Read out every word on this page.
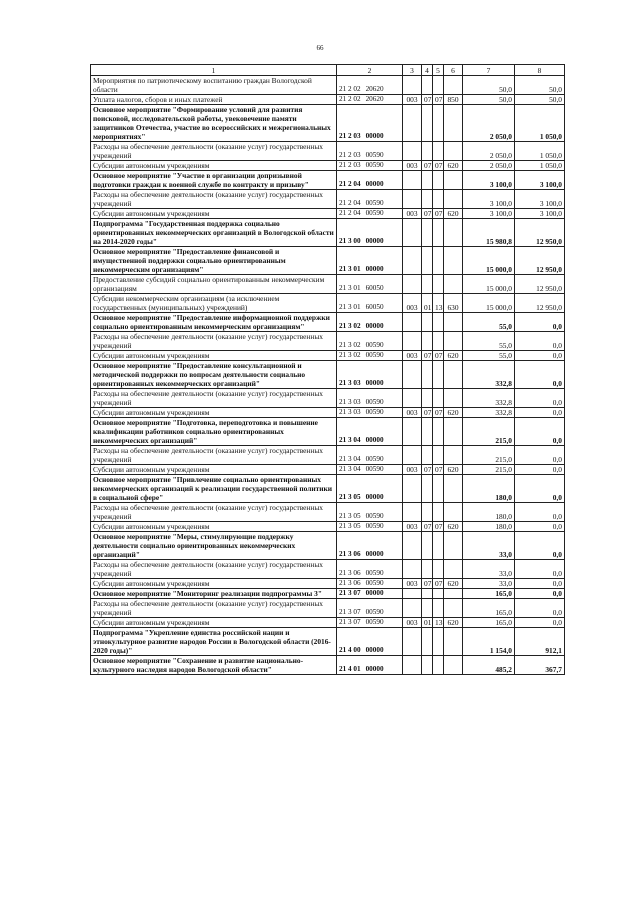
66
1	2	3	4	5	6	7	8
Мероприятия по патриотическому воспитанию граждан Вологодской области	21 2 02 20620					50,0	50,0
Уплата налогов, сборов и иных платежей	21 2 02 20620	003	07	07	850	50,0	50,0
Основное мероприятие "Формирование условий для развития поисковой, исследовательской работы, увековечение памяти защитников Отечества, участие во всероссийских и межрегиональных мероприятиях"	21 2 03 00000					2 050,0	1 050,0
Расходы на обеспечение деятельности (оказание услуг) государственных учреждений	21 2 03 00590					2 050,0	1 050,0
Субсидии автономным учреждениям	21 2 03 00590	003	07	07	620	2 050,0	1 050,0
Основное мероприятие "Участие в организации допризывной подготовки граждан к военной службе по контракту и призыву"	21 2 04 00000					3 100,0	3 100,0
Расходы на обеспечение деятельности (оказание услуг) государственных учреждений	21 2 04 00590					3 100,0	3 100,0
Субсидии автономным учреждениям	21 2 04 00590	003	07	07	620	3 100,0	3 100,0
Подпрограмма "Государственная поддержка социально ориентированных некоммерческих организаций в Вологодской области на 2014-2020 годы"	21 3 00 00000					15 980,8	12 950,0
Основное мероприятие "Предоставление финансовой и имущественной поддержки социально ориентированным некоммерческим организациям"	21 3 01 00000					15 000,0	12 950,0
Предоставление субсидий социально ориентированным некоммерческим организациям	21 3 01 60050					15 000,0	12 950,0
Субсидии некоммерческим организациям (за исключением государственных (муниципальных) учреждений)	21 3 01 60050	003	01	13	630	15 000,0	12 950,0
Основное мероприятие "Предоставление информационной поддержки социально ориентированным некоммерческим организациям"	21 3 02 00000					55,0	0,0
Расходы на обеспечение деятельности (оказание услуг) государственных учреждений	21 3 02 00590					55,0	0,0
Субсидии автономным учреждениям	21 3 02 00590	003	07	07	620	55,0	0,0
Основное мероприятие "Предоставление консультационной и методической поддержки по вопросам деятельности социально ориентированных некоммерческих организаций"	21 3 03 00000					332,8	0,0
Расходы на обеспечение деятельности (оказание услуг) государственных учреждений	21 3 03 00590					332,8	0,0
Субсидии автономным учреждениям	21 3 03 00590	003	07	07	620	332,8	0,0
Основное мероприятие "Подготовка, переподготовка и повышение квалификации работников социально ориентированных некоммерческих организаций"	21 3 04 00000					215,0	0,0
Расходы на обеспечение деятельности (оказание услуг) государственных учреждений	21 3 04 00590					215,0	0,0
Субсидии автономным учреждениям	21 3 04 00590	003	07	07	620	215,0	0,0
Основное мероприятие "Привлечение социально ориентированных некоммерческих организаций к реализации государственной политики в социальной сфере"	21 3 05 00000					180,0	0,0
Расходы на обеспечение деятельности (оказание услуг) государственных учреждений	21 3 05 00590					180,0	0,0
Субсидии автономным учреждениям	21 3 05 00590	003	07	07	620	180,0	0,0
Основное мероприятие "Меры, стимулирующие поддержку деятельности социально ориентированных некоммерческих организаций"	21 3 06 00000					33,0	0,0
Расходы на обеспечение деятельности (оказание услуг) государственных учреждений	21 3 06 00590					33,0	0,0
Субсидии автономным учреждениям	21 3 06 00590	003	07	07	620	33,0	0,0
Основное мероприятие "Мониторинг реализации подпрограммы 3"	21 3 07 00000					165,0	0,0
Расходы на обеспечение деятельности (оказание услуг) государственных учреждений	21 3 07 00590					165,0	0,0
Субсидии автономным учреждениям	21 3 07 00590	003	01	13	620	165,0	0,0
Подпрограмма "Укрепление единства российской нации и этнокультурное развитие народов России в Вологодской области (2016-2020 годы)"	21 4 00 00000					1 154,0	912,1
Основное мероприятие "Сохранение и развитие национально-культурного наследия народов Вологодской области"	21 4 01 00000					485,2	367,7
